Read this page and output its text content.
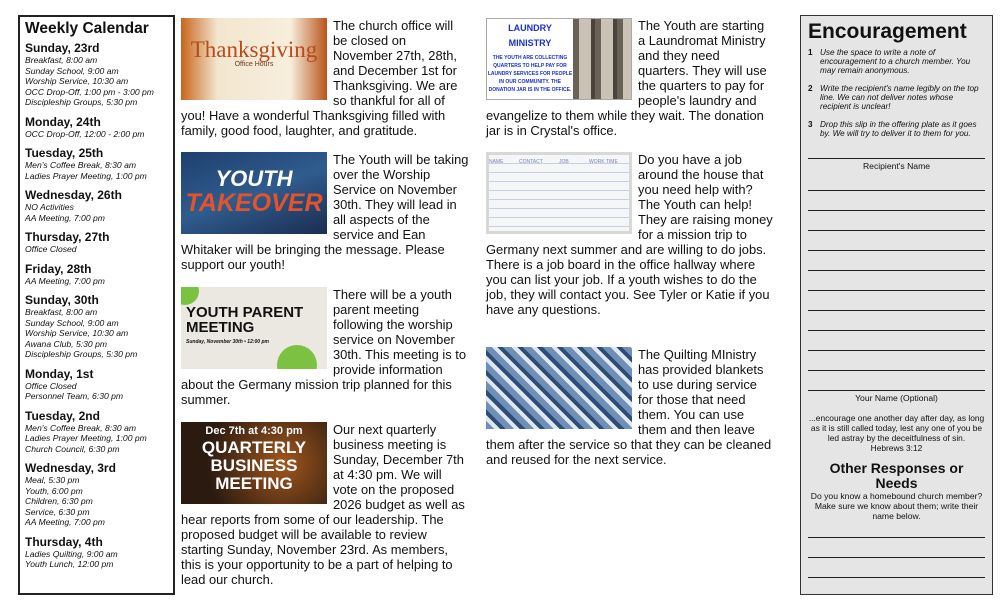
Weekly Calendar
Sunday, 23rd
Breakfast, 8:00 am
Sunday School, 9:00 am
Worship Service, 10:30 am
OCC Drop-Off, 1:00 pm - 3:00 pm
Discipleship Groups, 5:30 pm
Monday, 24th
OCC Drop-Off, 12:00 - 2:00 pm
Tuesday, 25th
Men's Coffee Break, 8:30 am
Ladies Prayer Meeting, 1:00 pm
Wednesday, 26th
NO Activities
AA Meeting, 7:00 pm
Thursday, 27th
Office Closed
Friday, 28th
AA Meeting, 7:00 pm
Sunday, 30th
Breakfast, 8:00 am
Sunday School, 9:00 am
Worship Service, 10:30 am
Awana Club, 5:30 pm
Discipleship Groups, 5:30 pm
Monday, 1st
Office Closed
Personnel Team, 6:30 pm
Tuesday, 2nd
Men's Coffee Break, 8:30 am
Ladies Prayer Meeting, 1:00 pm
Church Council, 6:30 pm
Wednesday, 3rd
Meal, 5:30 pm
Youth, 6:00 pm
Children, 6:30 pm
Service, 6:30 pm
AA Meeting, 7:00 pm
Thursday, 4th
Ladies Quilting, 9:00 am
Youth Lunch, 12:00 pm
Thanksgiving
Office Hours
The church office will be closed on November 27th, 28th, and December 1st for Thanksgiving. We are so thankful for all of you! Have a wonderful Thanksgiving filled with family, good food, laughter, and gratitude.
YOUTH
TAKEOVER
The Youth will be taking over the Worship Service on November 30th. They will lead in all aspects of the service and Ean Whitaker will be bringing the message. Please support our youth!
YOUTH PARENT
MEETING
Sunday, November 30th • 12:00 pm
There will be a youth parent meeting following the worship service on November 30th. This meeting is to provide information about the Germany mission trip planned for this summer.
Dec 7th at 4:30 pm
QUARTERLY
BUSINESS
MEETING
Our next quarterly business meeting is Sunday, December 7th at 4:30 pm. We will vote on the proposed 2026 budget as well as hear reports from some of our leadership. The proposed budget will be available to review starting Sunday, November 23rd. As members, this is your opportunity to be a part of helping to lead our church.
LAUNDRY MINISTRY
THE YOUTH ARE COLLECTING QUARTERS TO HELP PAY FOR LAUNDRY SERVICES FOR PEOPLE IN OUR COMMUNITY. THE DONATION JAR IS IN THE OFFICE.
The Youth are starting a Laundromat Ministry and they need quarters. They will use the quarters to pay for people's laundry and evangelize to them while they wait. The donation jar is in Crystal's office.
NAME	CONTACT	JOB	WORK TIME Do you have a job around the house that you need help with? The Youth can help! They are raising money for a mission trip to Germany next summer and are willing to do jobs. There is a job board in the office hallway where you can list your job. If a youth wishes to do the job, they will contact you. See Tyler or Katie if you have any questions.
The Quilting MInistry has provided blankets to use during service for those that need them. You can use them and then leave them after the service so that they can be cleaned and reused for the next service.
Encouragement
1 Use the space to write a note of encouragement to a church member. You may remain anonymous.
2 Write the recipient's name legibly on the top line. We can not deliver notes whose recipient is unclear!
3 Drop this slip in the offering plate as it goes by. We will try to deliver it to them for you.
Recipient's Name
Your Name (Optional)
...encourage one another day after day, as long as it is still called today, lest any one of you be led astray by the deceitfulness of sin.
Hebrews 3:12
Other Responses or Needs
Do you know a homebound church member? Make sure we know about them; write their name below.
